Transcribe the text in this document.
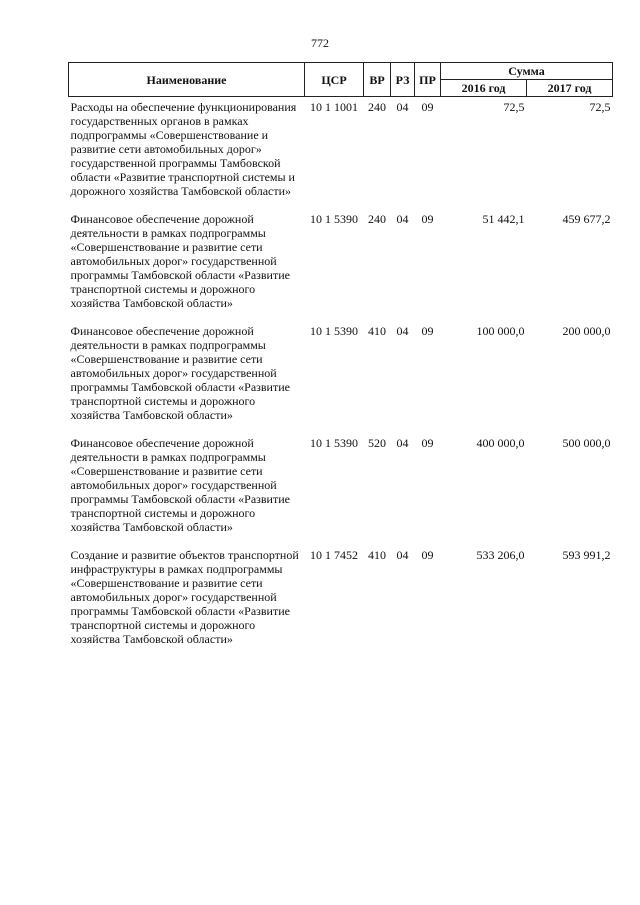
772
Наименование	ЦСР	ВР	РЗ	ПР	Сумма	
					2016 год	2017 год
Расходы на обеспечение функционирования государственных органов в рамках подпрограммы «Совершенствование и развитие сети автомобильных дорог» государственной программы Тамбовской области «Развитие транспортной системы и дорожного хозяйства Тамбовской области»	10 1 1001	240	04	09	72,5	72,5
Финансовое обеспечение дорожной деятельности в рамках подпрограммы «Совершенствование и развитие сети автомобильных дорог» государственной программы Тамбовской области «Развитие транспортной системы и дорожного хозяйства Тамбовской области»	10 1 5390	240	04	09	51 442,1	459 677,2
Финансовое обеспечение дорожной деятельности в рамках подпрограммы «Совершенствование и развитие сети автомобильных дорог» государственной программы Тамбовской области «Развитие транспортной системы и дорожного хозяйства Тамбовской области»	10 1 5390	410	04	09	100 000,0	200 000,0
Финансовое обеспечение дорожной деятельности в рамках подпрограммы «Совершенствование и развитие сети автомобильных дорог» государственной программы Тамбовской области «Развитие транспортной системы и дорожного хозяйства Тамбовской области»	10 1 5390	520	04	09	400 000,0	500 000,0
Создание и развитие объектов транспортной инфраструктуры в рамках подпрограммы «Совершенствование и развитие сети автомобильных дорог» государственной программы Тамбовской области «Развитие транспортной системы и дорожного хозяйства Тамбовской области»	10 1 7452	410	04	09	533 206,0	593 991,2
